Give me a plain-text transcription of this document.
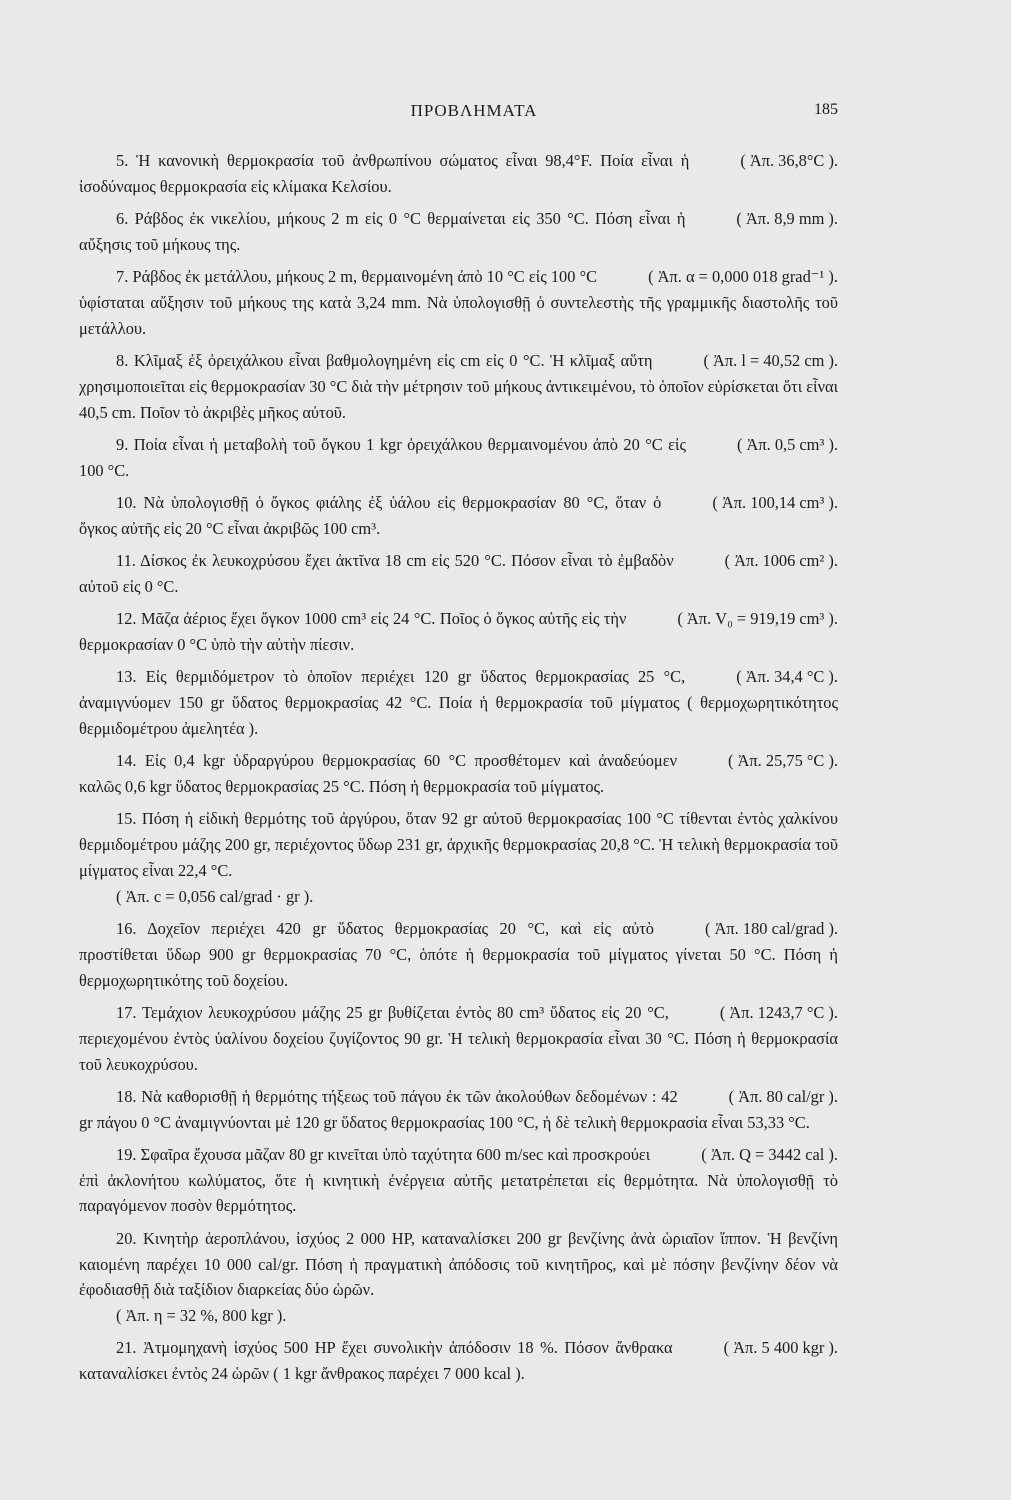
ΠΡΟΒΛΗΜΑΤΑ	185

( Ἀπ. 36,8°C ).
5. Ἡ κανονικὴ θερμοκρασία τοῦ ἀνθρωπίνου σώματος εἶναι 98,4°F. Ποία εἶναι ἡ ἰσοδύναμος θερμοκρασία εἰς κλίμακα Κελσίου.

( Ἀπ. 8,9 mm ).
6. Ράβδος ἐκ νικελίου, μήκους 2 m εἰς 0 °C θερμαίνεται εἰς 350 °C. Πόση εἶναι ἡ αὔξησις τοῦ μήκους της.

( Ἀπ. α = 0,000 018 grad⁻¹ ).
7. Ράβδος ἐκ μετάλλου, μήκους 2 m, θερμαινομένη ἀπὸ 10 °C εἰς 100 °C ὑφίσταται αὔξησιν τοῦ μήκους της κατὰ 3,24 mm. Νὰ ὑπολογισθῇ ὁ συντελεστὴς τῆς γραμμικῆς διαστολῆς τοῦ μετάλλου.

( Ἀπ. l = 40,52 cm ).
8. Κλῖμαξ ἐξ ὀρειχάλκου εἶναι βαθμολογημένη εἰς cm εἰς 0 °C. Ἡ κλῖμαξ αὕτη χρησιμοποιεῖται εἰς θερμοκρασίαν 30 °C διὰ τὴν μέτρησιν τοῦ μήκους ἀντικειμένου, τὸ ὁποῖον εὑρίσκεται ὅτι εἶναι 40,5 cm. Ποῖον τὸ ἀκριβὲς μῆκος αὐτοῦ.

( Ἀπ. 0,5 cm³ ).
9. Ποία εἶναι ἡ μεταβολὴ τοῦ ὄγκου 1 kgr ὀρειχάλκου θερμαινομένου ἀπὸ 20 °C εἰς 100 °C.

( Ἀπ. 100,14 cm³ ).
10. Νὰ ὑπολογισθῇ ὁ ὄγκος φιάλης ἐξ ὑάλου εἰς θερμοκρασίαν 80 °C, ὅταν ὁ ὄγκος αὐτῆς εἰς 20 °C εἶναι ἀκριβῶς 100 cm³.

( Ἀπ. 1006 cm² ).
11. Δίσκος ἐκ λευκοχρύσου ἔχει ἀκτῖνα 18 cm εἰς 520 °C. Πόσον εἶναι τὸ ἐμβαδὸν αὐτοῦ εἰς 0 °C.

( Ἀπ. V₀ = 919,19 cm³ ).
12. Μᾶζα ἀέριος ἔχει ὄγκον 1000 cm³ εἰς 24 °C. Ποῖος ὁ ὄγκος αὐτῆς εἰς τὴν θερμοκρασίαν 0 °C ὑπὸ τὴν αὐτὴν πίεσιν.

( Ἀπ. 34,4 °C ).
13. Εἰς θερμιδόμετρον τὸ ὁποῖον περιέχει 120 gr ὕδατος θερμοκρασίας 25 °C, ἀναμιγνύομεν 150 gr ὕδατος θερμοκρασίας 42 °C. Ποία ἡ θερμοκρασία τοῦ μίγματος ( θερμοχωρητικότητος θερμιδομέτρου ἀμελητέα ).

( Ἀπ. 25,75 °C ).
14. Εἰς 0,4 kgr ὑδραργύρου θερμοκρασίας 60 °C προσθέτομεν καὶ ἀναδεύομεν καλῶς 0,6 kgr ὕδατος θερμοκρασίας 25 °C. Πόση ἡ θερμοκρασία τοῦ μίγματος.

15. Πόση ἡ εἰδικὴ θερμότης τοῦ ἀργύρου, ὅταν 92 gr αὐτοῦ θερμοκρασίας 100 °C τίθενται ἐντὸς χαλκίνου θερμιδομέτρου μάζης 200 gr, περιέχοντος ὕδωρ 231 gr, ἀρχικῆς θερμοκρασίας 20,8 °C. Ἡ τελικὴ θερμοκρασία τοῦ μίγματος εἶναι 22,4 °C.

( Ἀπ. c = 0,056 cal/grad · gr ).

( Ἀπ. 180 cal/grad ).
16. Δοχεῖον περιέχει 420 gr ὕδατος θερμοκρασίας 20 °C, καὶ εἰς αὐτὸ προστίθεται ὕδωρ 900 gr θερμοκρασίας 70 °C, ὁπότε ἡ θερμοκρασία τοῦ μίγματος γίνεται 50 °C. Πόση ἡ θερμοχωρητικότης τοῦ δοχείου.

( Ἀπ. 1243,7 °C ).
17. Τεμάχιον λευκοχρύσου μάζης 25 gr βυθίζεται ἐντὸς 80 cm³ ὕδατος εἰς 20 °C, περιεχομένου ἐντὸς ὑαλίνου δοχείου ζυγίζοντος 90 gr. Ἡ τελικὴ θερμοκρασία εἶναι 30 °C. Πόση ἡ θερμοκρασία τοῦ λευκοχρύσου.

( Ἀπ. 80 cal/gr ).
18. Νὰ καθορισθῇ ἡ θερμότης τήξεως τοῦ πάγου ἐκ τῶν ἀκολούθων δεδομένων : 42 gr πάγου 0 °C ἀναμιγνύονται μὲ 120 gr ὕδατος θερμοκρασίας 100 °C, ἡ δὲ τελικὴ θερμοκρασία εἶναι 53,33 °C.

( Ἀπ. Q = 3442 cal ).
19. Σφαῖρα ἔχουσα μᾶζαν 80 gr κινεῖται ὑπὸ ταχύτητα 600 m/sec καὶ προσκρούει ἐπὶ ἀκλονήτου κωλύματος, ὅτε ἡ κινητικὴ ἐνέργεια αὐτῆς μετατρέπεται εἰς θερμότητα. Νὰ ὑπολογισθῇ τὸ παραγόμενον ποσὸν θερμότητος.

20. Κινητὴρ ἀεροπλάνου, ἰσχύος 2 000 HP, καταναλίσκει 200 gr βενζίνης ἀνὰ ὡριαῖον ἵππον. Ἡ βενζίνη καιομένη παρέχει 10 000 cal/gr. Πόση ἡ πραγματικὴ ἀπόδοσις τοῦ κινητῆρος, καὶ μὲ πόσην βενζίνην δέον νὰ ἐφοδιασθῇ διὰ ταξίδιον διαρκείας δύο ὡρῶν.

( Ἀπ. η = 32 %, 800 kgr ).

( Ἀπ. 5 400 kgr ).
21. Ἀτμομηχανὴ ἰσχύος 500 HP ἔχει συνολικὴν ἀπόδοσιν 18 %. Πόσον ἄνθρακα καταναλίσκει ἐντὸς 24 ὡρῶν ( 1 kgr ἄνθρακος παρέχει 7 000 kcal ).
